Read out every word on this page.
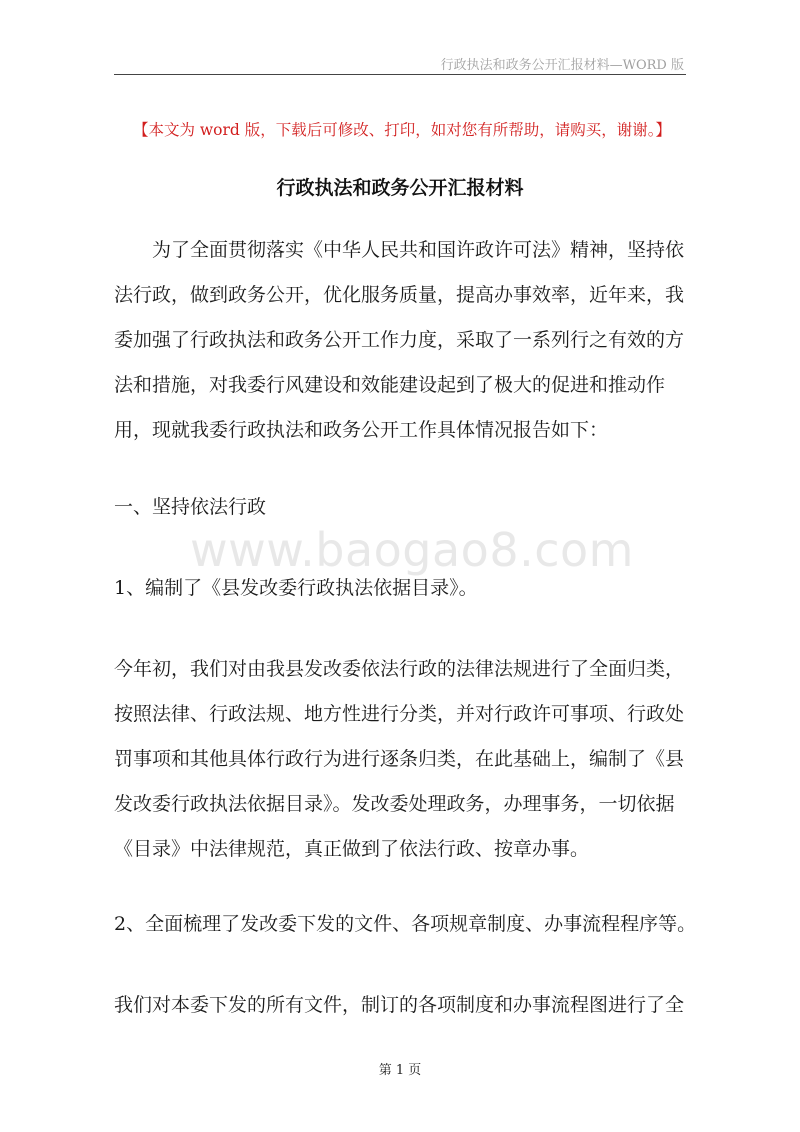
行政执法和政务公开汇报材料—WORD 版
【本文为 word 版，下载后可修改、打印，如对您有所帮助，请购买，谢谢。】
行政执法和政务公开汇报材料
为了全面贯彻落实《中华人民共和国许政许可法》精神，坚持依
法行政，做到政务公开，优化服务质量，提高办事效率，近年来，我
委加强了行政执法和政务公开工作力度，采取了一系列行之有效的方
法和措施，对我委行风建设和效能建设起到了极大的促进和推动作
用，现就我委行政执法和政务公开工作具体情况报告如下：
一、坚持依法行政
www.baogao8.com
1、编制了《县发改委行政执法依据目录》。
今年初，我们对由我县发改委依法行政的法律法规进行了全面归类，
按照法律、行政法规、地方性进行分类，并对行政许可事项、行政处
罚事项和其他具体行政行为进行逐条归类，在此基础上，编制了《县
发改委行政执法依据目录》。发改委处理政务，办理事务，一切依据
《目录》中法律规范，真正做到了依法行政、按章办事。
2、全面梳理了发改委下发的文件、各项规章制度、办事流程程序等。
我们对本委下发的所有文件，制订的各项制度和办事流程图进行了全
第 1 页
